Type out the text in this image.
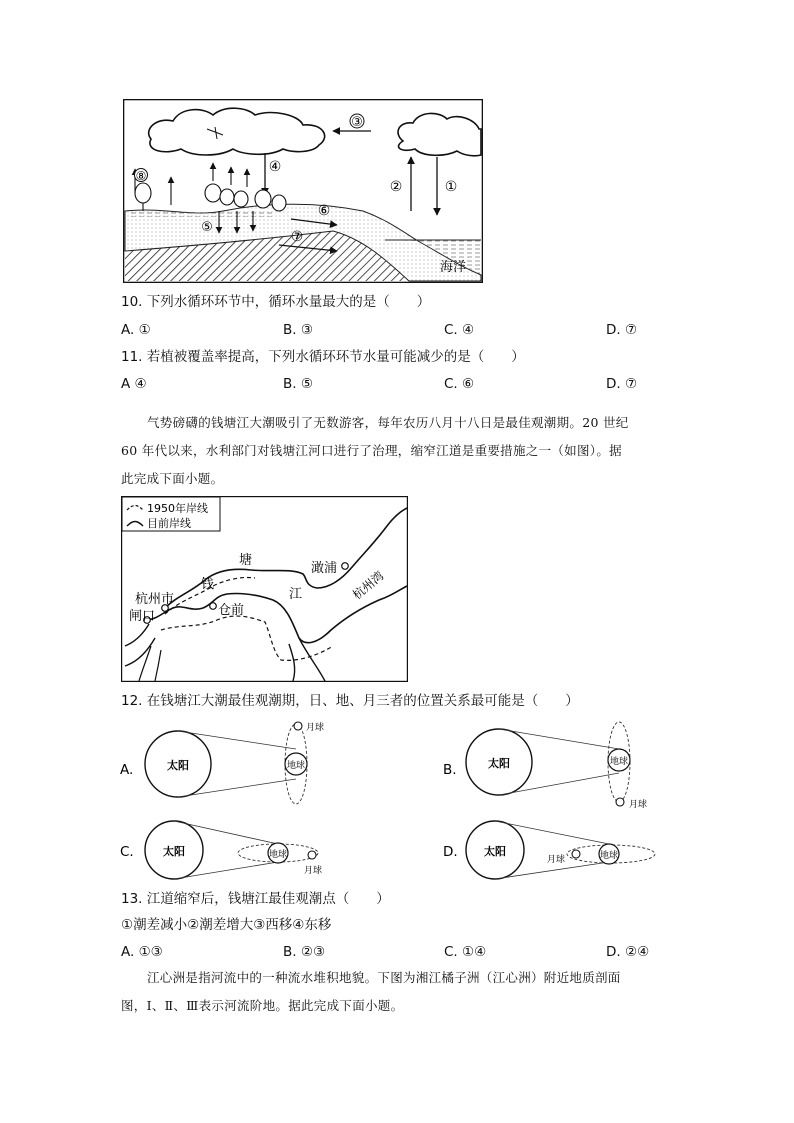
③
②	①
④
⑧
⑤
⑥
⑦
海洋
10. 下列水循环环节中，循环水量最大的是（　　）
A. ①	B. ③	C. ④	D. ⑦
11. 若植被覆盖率提高，下列水循环环节水量可能减少的是（　　）
A ④	B. ⑤	C. ⑥	D. ⑦
气势磅礴的钱塘江大潮吸引了无数游客，每年农历八月十八日是最佳观潮期。20 世纪
60 年代以来，水利部门对钱塘江河口进行了治理，缩窄江道是重要措施之一（如图）。据
此完成下面小题。
1950年岸线
目前岸线
塘
钱
江
杭州市
闸口	仓前
澉浦 杭州湾
12. 在钱塘江大潮最佳观潮期，日、地、月三者的位置关系最可能是（　　）
A.	太阳	地球
月球
B.	太阳	地球
月球
C.	太阳	地球
月球
D. 太阳	地球
月球
13. 江道缩窄后，钱塘江最佳观潮点（　　）
①潮差减小②潮差增大③西移④东移
A. ①③	B. ②③	C. ①④	D. ②④
江心洲是指河流中的一种流水堆积地貌。下图为湘江橘子洲（江心洲）附近地质剖面
图，Ⅰ、Ⅱ、Ⅲ表示河流阶地。据此完成下面小题。
